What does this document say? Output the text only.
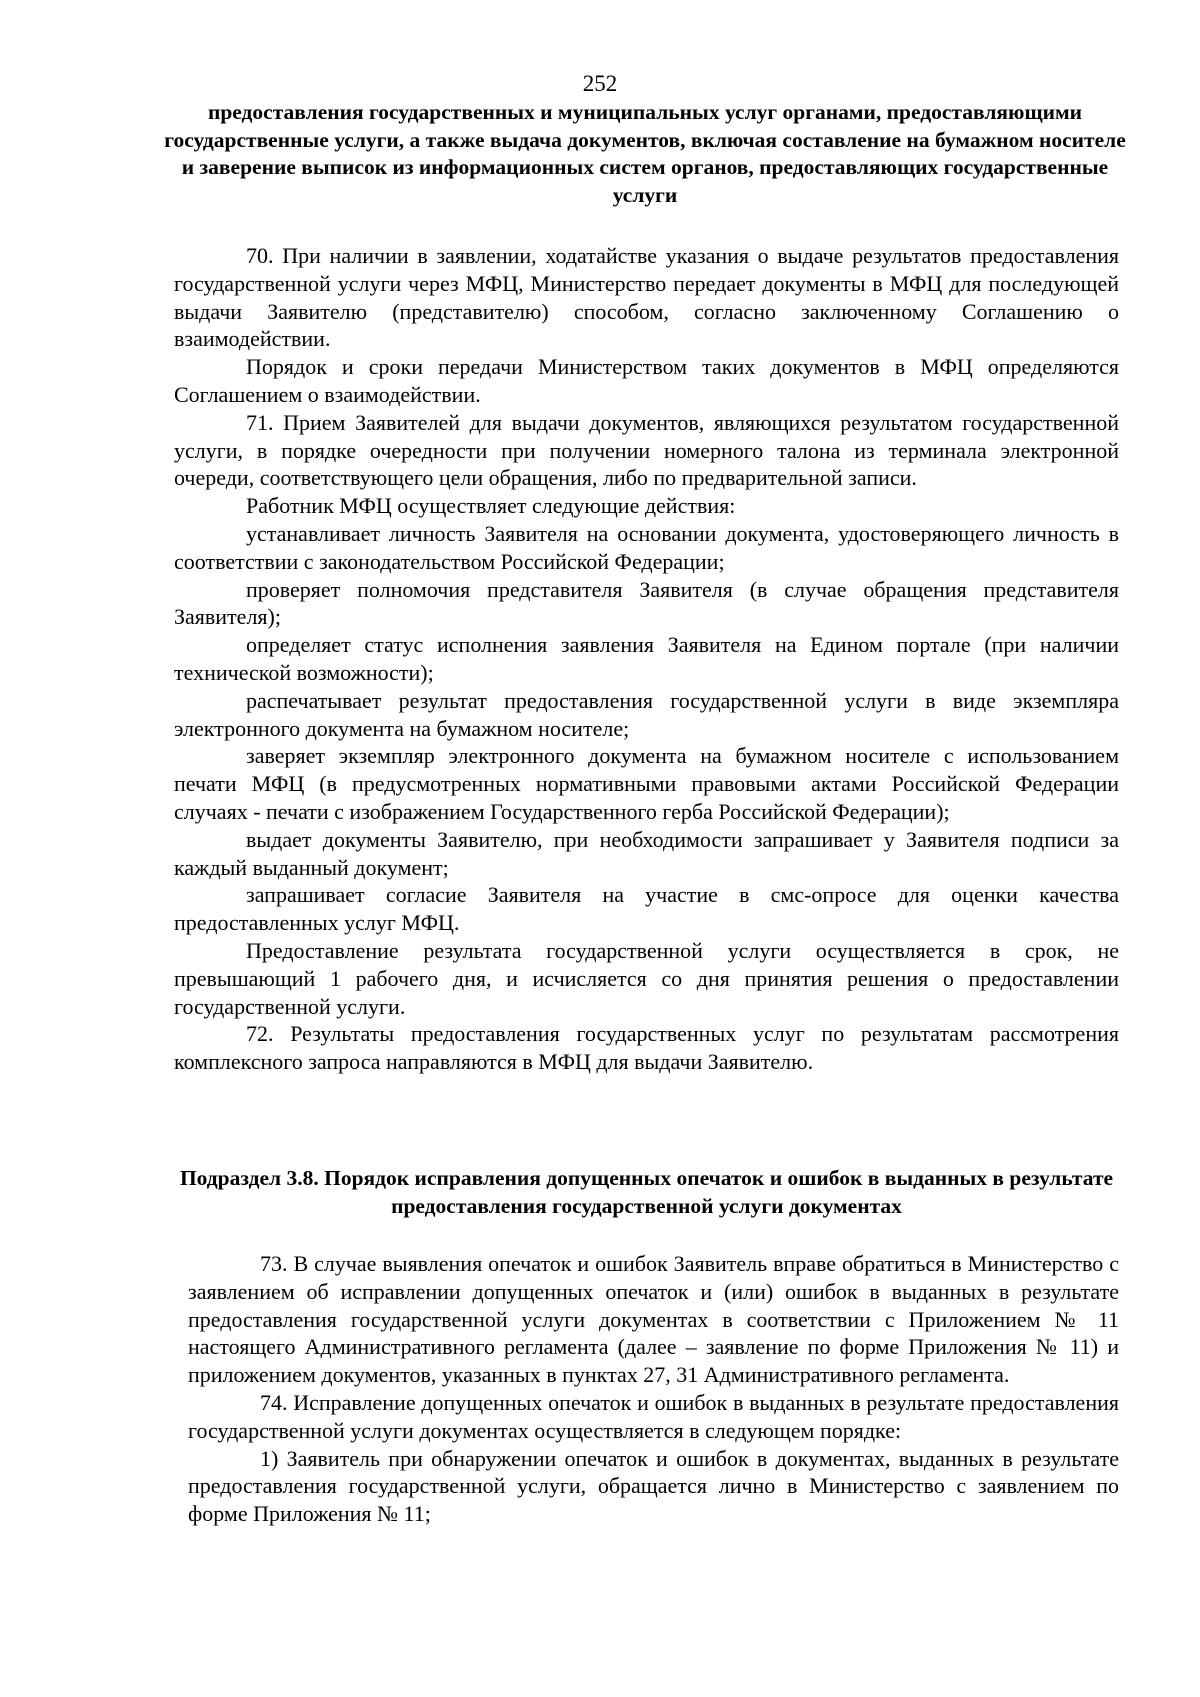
252
предоставления государственных и муниципальных услуг органами, предоставляющими государственные услуги, а также выдача документов, включая составление на бумажном носителе и заверение выписок из информационных систем органов, предоставляющих государственные услуги

70. При наличии в заявлении, ходатайстве указания о выдаче результатов предоставления государственной услуги через МФЦ, Министерство передает документы в МФЦ для последующей выдачи Заявителю (представителю) способом, согласно заключенному Соглашению о взаимодействии.

Порядок и сроки передачи Министерством таких документов в МФЦ определяются Соглашением о взаимодействии.

71. Прием Заявителей для выдачи документов, являющихся результатом государственной услуги, в порядке очередности при получении номерного талона из терминала электронной очереди, соответствующего цели обращения, либо по предварительной записи.

Работник МФЦ осуществляет следующие действия:

устанавливает личность Заявителя на основании документа, удостоверяющего личность в соответствии с законодательством Российской Федерации;

проверяет полномочия представителя Заявителя (в случае обращения представителя Заявителя);

определяет статус исполнения заявления Заявителя на Едином портале (при наличии технической возможности);

распечатывает результат предоставления государственной услуги в виде экземпляра электронного документа на бумажном носителе;

заверяет экземпляр электронного документа на бумажном носителе с использованием печати МФЦ (в предусмотренных нормативными правовыми актами Российской Федерации случаях - печати с изображением Государственного герба Российской Федерации);

выдает документы Заявителю, при необходимости запрашивает у Заявителя подписи за каждый выданный документ;

запрашивает согласие Заявителя на участие в смс-опросе для оценки качества предоставленных услуг МФЦ.

Предоставление результата государственной услуги осуществляется в срок, не превышающий 1 рабочего дня, и исчисляется со дня принятия решения о предоставлении государственной услуги.

72. Результаты предоставления государственных услуг по результатам рассмотрения комплексного запроса направляются в МФЦ для выдачи Заявителю.

Подраздел 3.8. Порядок исправления допущенных опечаток и ошибок в выданных в результате предоставления государственной услуги документах

73. В случае выявления опечаток и ошибок Заявитель вправе обратиться в Министерство с заявлением об исправлении допущенных опечаток и (или) ошибок в выданных в результате предоставления государственной услуги документах в соответствии с Приложением № 11 настоящего Административного регламента (далее – заявление по форме Приложения № 11) и приложением документов, указанных в пунктах 27, 31 Административного регламента.

74. Исправление допущенных опечаток и ошибок в выданных в результате предоставления государственной услуги документах осуществляется в следующем порядке:

1) Заявитель при обнаружении опечаток и ошибок в документах, выданных в результате предоставления государственной услуги, обращается лично в Министерство с заявлением по форме Приложения № 11;
